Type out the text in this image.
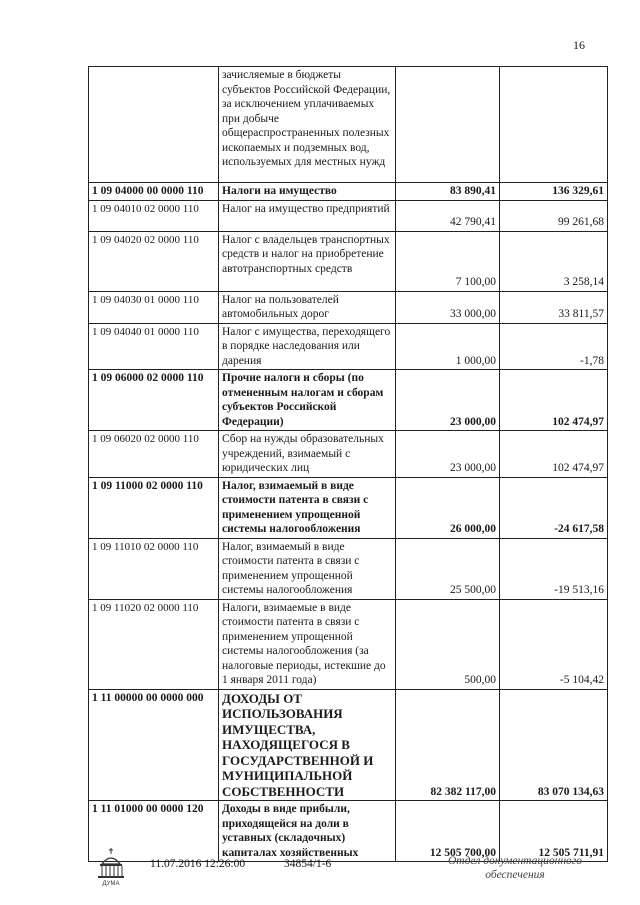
16
	зачисляемые в бюджеты субъектов Российской Федерации, за исключением уплачиваемых при добыче общераспространенных полезных ископаемых и подземных вод, используемых для местных нужд		
1 09 04000 00 0000 110	Налоги на имущество	83 890,41	136 329,61
1 09 04010 02 0000 110	Налог на имущество предприятий	42 790,41	99 261,68
1 09 04020 02 0000 110	Налог с владельцев транспортных средств и налог на приобретение автотранспортных средств	7 100,00	3 258,14
1 09 04030 01 0000 110	Налог на пользователей автомобильных дорог	33 000,00	33 811,57
1 09 04040 01 0000 110	Налог с имущества, переходящего в порядке наследования или дарения	1 000,00	-1,78
1 09 06000 02 0000 110	Прочие налоги и сборы (по отмененным налогам и сборам субъектов Российской Федерации)	23 000,00	102 474,97
1 09 06020 02 0000 110	Сбор на нужды образовательных учреждений, взимаемый с юридических лиц	23 000,00	102 474,97
1 09 11000 02 0000 110	Налог, взимаемый в виде стоимости патента в связи с применением упрощенной системы налогообложения	26 000,00	-24 617,58
1 09 11010 02 0000 110	Налог, взимаемый в виде стоимости патента в связи с применением упрощенной системы налогообложения	25 500,00	-19 513,16
1 09 11020 02 0000 110	Налоги, взимаемые в виде стоимости патента в связи с применением упрощенной системы налогообложения (за налоговые периоды, истекшие до 1 января 2011 года)	500,00	-5 104,42
1 11 00000 00 0000 000	ДОХОДЫ ОТ ИСПОЛЬЗОВАНИЯ ИМУЩЕСТВА, НАХОДЯЩЕГОСЯ В ГОСУДАРСТВЕННОЙ И МУНИЦИПАЛЬНОЙ СОБСТВЕННОСТИ	82 382 117,00	83 070 134,63
1 11 01000 00 0000 120	Доходы в виде прибыли, приходящейся на доли в уставных (складочных) капиталах хозяйственных	12 505 700,00	12 505 711,91
ДУМА
11.07.2016 12:26:00	34854/1-6	Отдел документационного
обеспечения
